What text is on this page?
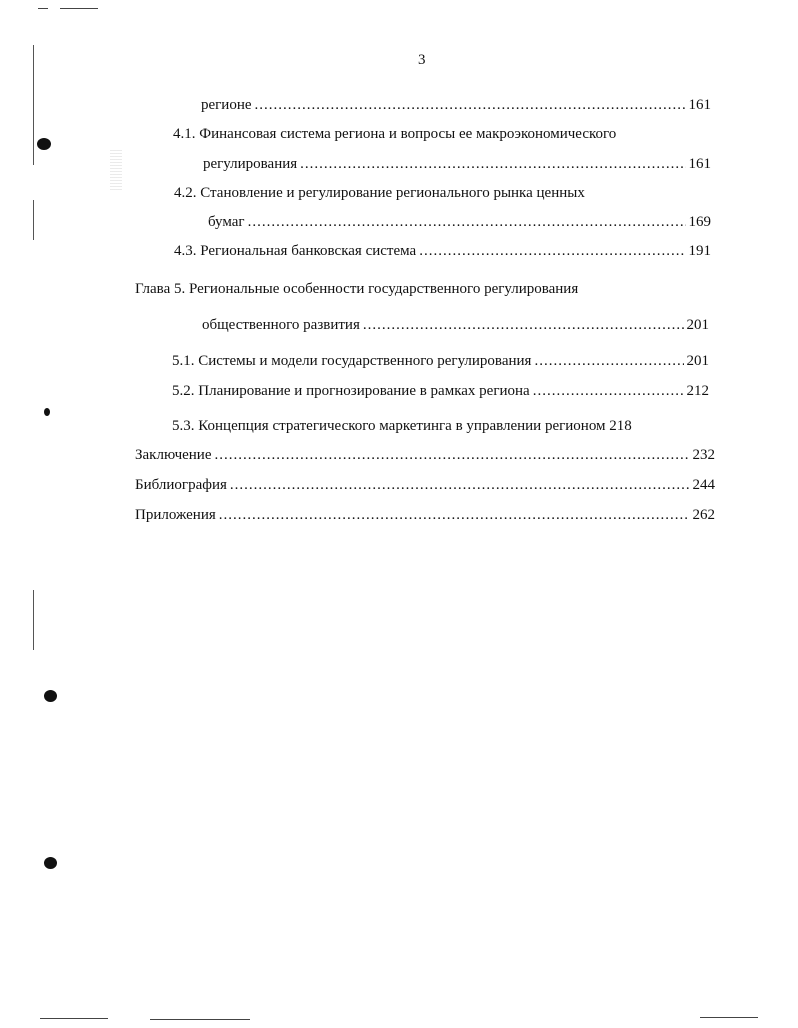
3
регионе .....	161
4.1. Финансовая система региона и вопросы ее макроэкономического
регулирования .....	161
4.2. Становление и регулирование регионального рынка ценных
бумаг .....	169
4.3. Региональная банковская система .....	191
Глава 5. Региональные особенности государственного регулирования
общественного развития .....	201
5.1. Системы и модели государственного регулирования .....	201
5.2. Планирование и прогнозирование в рамках региона .....	212
5.3. Концепция стратегического маркетинга в управлении регионом 218
Заключение .....	232
Библиография .....	244
Приложения .....	262
